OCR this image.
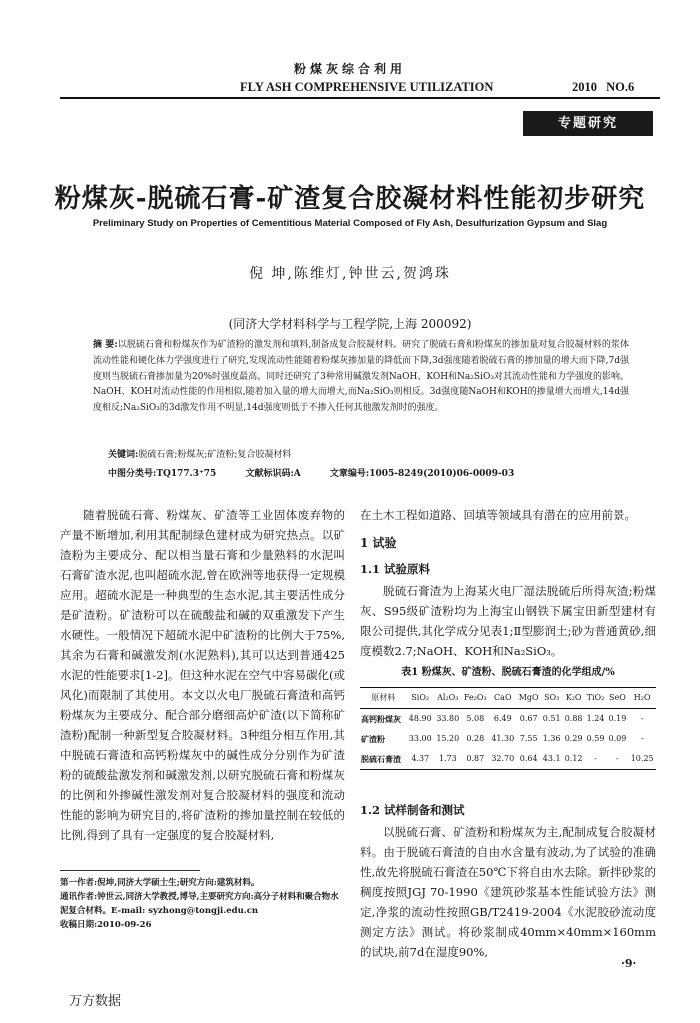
粉煤灰综合利用
FLY ASH COMPREHENSIVE UTILIZATION	2010 NO.6
专题研究
粉煤灰-脱硫石膏-矿渣复合胶凝材料性能初步研究
Preliminary Study on Properties of Cementitious Material Composed of Fly Ash, Desulfurization Gypsum and Slag
倪 坤,陈维灯,钟世云,贺鸿珠
(同济大学材料科学与工程学院,上海 200092)
摘 要:以脱硫石膏和粉煤灰作为矿渣粉的激发剂和填料,制备成复合胶凝材料。研究了脱硫石膏和粉煤灰的掺加量对复合胶凝材料的浆体流动性能和硬化体力学强度进行了研究,发现流动性能随着粉煤灰掺加量的降低而下降,3d强度随着脱硫石膏的掺加量的增大而下降,7d强度则当脱硫石膏掺加量为20%时强度最高。同时还研究了3种常用碱激发剂NaOH、KOH和Na₂SiO₃对其流动性能和力学强度的影响。NaOH、KOH对流动性能的作用相似,随着加入量的增大而增大,而Na₂SiO₃则相反。3d强度随NaOH和KOH的掺量增大而增大,14d强度相反;Na₂SiO₃的3d激发作用不明显,14d强度则低于不掺入任何其他激发剂时的强度。
关键词:脱硫石膏;粉煤灰;矿渣粉;复合胶凝材料
中图分类号:TQ177.3⁺75	文献标识码:A	文章编号:1005-8249(2010)06-0009-03

随着脱硫石膏、粉煤灰、矿渣等工业固体废弃物的产量不断增加,利用其配制绿色建材成为研究热点。以矿渣粉为主要成分、配以相当量石膏和少量熟料的水泥叫石膏矿渣水泥,也叫超硫水泥,曾在欧洲等地获得一定规模应用。超硫水泥是一种典型的生态水泥,其主要活性成分是矿渣粉。矿渣粉可以在硫酸盐和碱的双重激发下产生水硬性。一般情况下超硫水泥中矿渣粉的比例大于75%,其余为石膏和碱激发剂(水泥熟料),其可以达到普通425水泥的性能要求[1-2]。但这种水泥在空气中容易碳化(或风化)而限制了其使用。本文以火电厂脱硫石膏渣和高钙粉煤灰为主要成分、配合部分磨细高炉矿渣(以下简称矿渣粉)配制一种新型复合胶凝材料。3种组分相互作用,其中脱硫石膏渣和高钙粉煤灰中的碱性成分分别作为矿渣粉的硫酸盐激发剂和碱激发剂,以研究脱硫石膏和粉煤灰的比例和外掺碱性激发剂对复合胶凝材料的强度和流动性能的影响为研究目的,将矿渣粉的掺加量控制在较低的比例,得到了具有一定强度的复合胶凝材料,

在土木工程如道路、回填等领域具有潜在的应用前景。

1 试验
1.1 试验原料

脱硫石膏渣为上海某火电厂湿法脱硫后所得灰渣;粉煤灰、S95级矿渣粉均为上海宝山钢铁下属宝田新型建材有限公司提供,其化学成分见表1;Ⅱ型膨润土;砂为普通黄砂,细度模数2.7;NaOH、KOH和Na₂SiO₃。

表1 粉煤灰、矿渣粉、脱硫石膏渣的化学组成/%
原材料	SiO₂	Al₂O₃	Fe₂O₃	CaO	MgO	SO₃	K₂O	TiO₂	SeO	H₂O
高钙粉煤灰	48.90	33.80	5.08	6.49	0.67	0.51	0.88	1.24	0.19	-
矿渣粉	33.00	15.20	0.28	41.30	7.55	1.36	0.29	0.59	0.09	-
脱硫石膏渣	4.37	1.73	0.87	32.70	0.64	43.1	0.12	-	-	10.25
1.2 试样制备和测试

以脱硫石膏、矿渣粉和粉煤灰为主,配制成复合胶凝材料。由于脱硫石膏渣的自由水含量有波动,为了试验的准确性,故先将脱硫石膏渣在50℃下将自由水去除。新拌砂浆的稠度按照JGJ 70-1990《建筑砂浆基本性能试验方法》测定,净浆的流动性按照GB/T2419-2004《水泥胶砂流动度测定方法》测试。将砂浆制成40mm×40mm×160mm的试块,前7d在湿度90%,

第一作者:倪坤,同济大学硕士生;研究方向:建筑材料。
通讯作者:钟世云,同济大学教授,博导,主要研究方向:高分子材料和聚合物水泥复合材料。E-mail: syzhong@tongji.edu.cn
收稿日期:2010-09-26
·9·
万方数据
